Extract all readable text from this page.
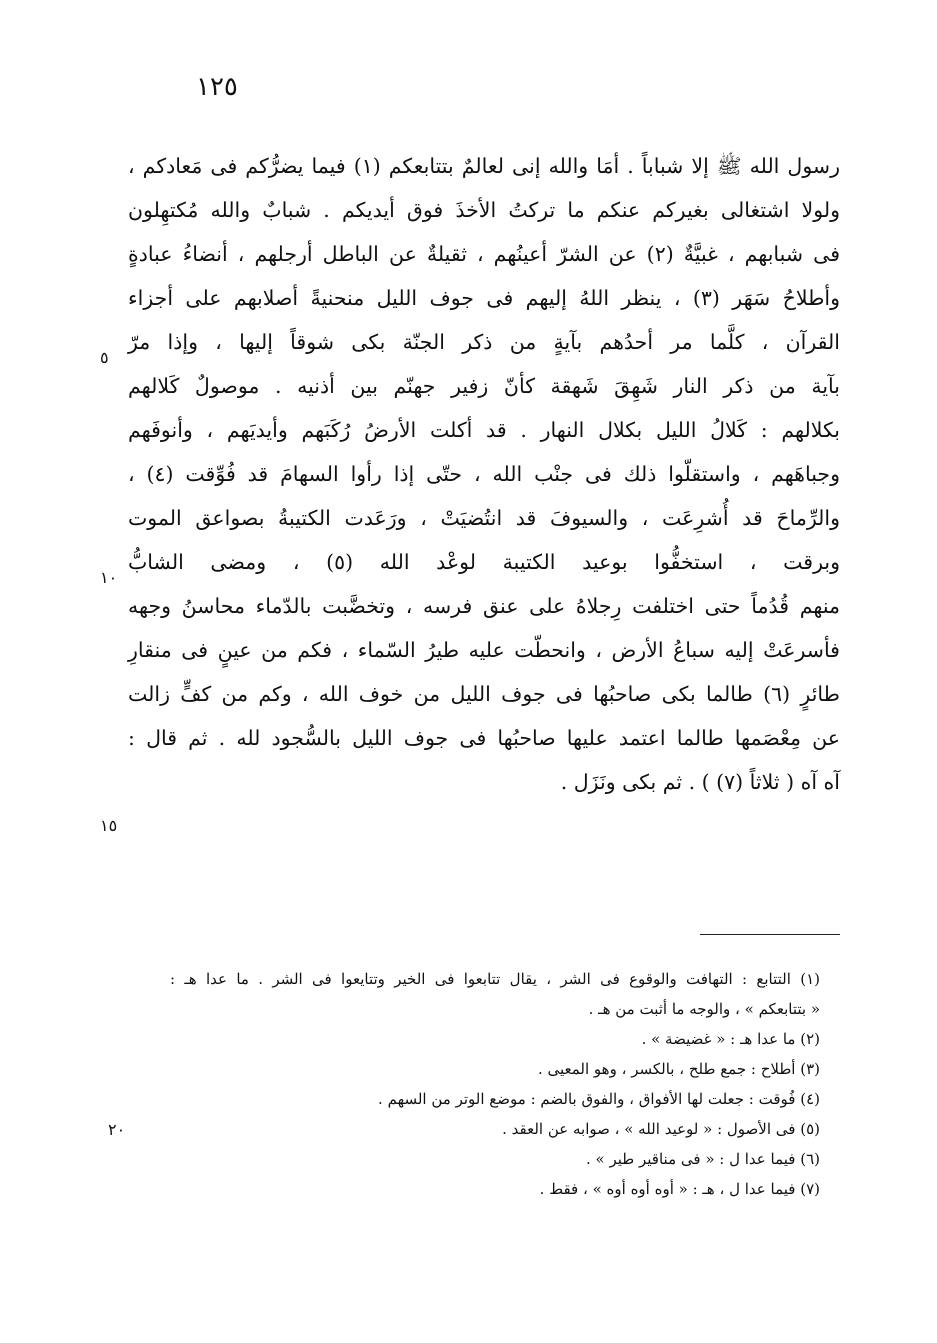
١٢٥
رسول الله ﷺ إلا شباباً . أمَا والله إنى لعالمٌ بتتابعكم (١) فيما يضرُّكم فى مَعادكم ،
ولولا اشتغالى بغيركم عنكم ما تركتُ الأخذَ فوق أيديكم . شبابٌ والله مُكتهِلون
فى شبابهم ، غبيَّةٌ (٢) عن الشرّ أعينُهم ، ثقيلةٌ عن الباطل أرجلهم ، أنضاءُ عبادةٍ
وأطلاحُ سَهَر (٣) ، ينظر اللهُ إليهم فى جوف الليل منحنيةً أصلابهم على أجزاء
القرآن ، كلَّما مر أحدُهم بآيةٍ من ذكر الجنّة بكى شوقاً إليها ، وإذا مرّ
بآية من ذكر النار شَهِقَ شَهقة كأنّ زفير جهنّم بين أذنيه . موصولٌ كَلالهم
بكلالهم : كَلالُ الليل بكلال النهار . قد أكلت الأرضُ رُكَبَهم وأيديَهم ، وأنوفَهم
وجباهَهم ، واستقلّوا ذلك فى جنْب الله ، حتّى إذا رأوا السهامَ قد فُوِّقت (٤) ،
والرِّماحَ قد أُشرِعَت ، والسيوفَ قد انتُضيَتْ ، ورَعَدت الكتيبةُ بصواعق الموت
وبرقت ، استخفُّوا بوعيد الكتيبة لوعْد الله (٥) ، ومضى الشابُّ
منهم قُدُماً حتى اختلفت رِجلاهُ على عنق فرسه ، وتخضَّبت بالدّماء محاسنُ وجهه
فأسرعَتْ إليه سباعُ الأرض ، وانحطّت عليه طيرُ السّماء ، فكم من عينٍ فى منقارِ
طائرٍ (٦) طالما بكى صاحبُها فى جوف الليل من خوف الله ، وكم من كفٍّ زالت
عن مِعْصَمها طالما اعتمد عليها صاحبُها فى جوف الليل بالسُّجود لله . ثم قال :
آه آه ( ثلاثاً (٧) ) . ثم بكى ونَزَل .
٥
١٠
١٥
(١) التتابع : التهافت والوقوع فى الشر ، يقال تتابعوا فى الخير وتتايعوا فى الشر . ما عدا هـ :
« بتتابعكم » ، والوجه ما أثبت من هـ .
(٢) ما عدا هـ : « غضيضة » .
(٣) أطلاح : جمع طلح ، بالكسر ، وهو المعيى .
(٤) فُوقت : جعلت لها الأفواق ، والفوق بالضم : موضع الوتر من السهم .
(٥) فى الأصول : « لوعيد الله » ، صوابه عن العقد .
(٦) فيما عدا ل : « فى مناقير طير » .
(٧) فيما عدا ل ، هـ : « أوه أوه أوه » ، فقط .
٢٠
